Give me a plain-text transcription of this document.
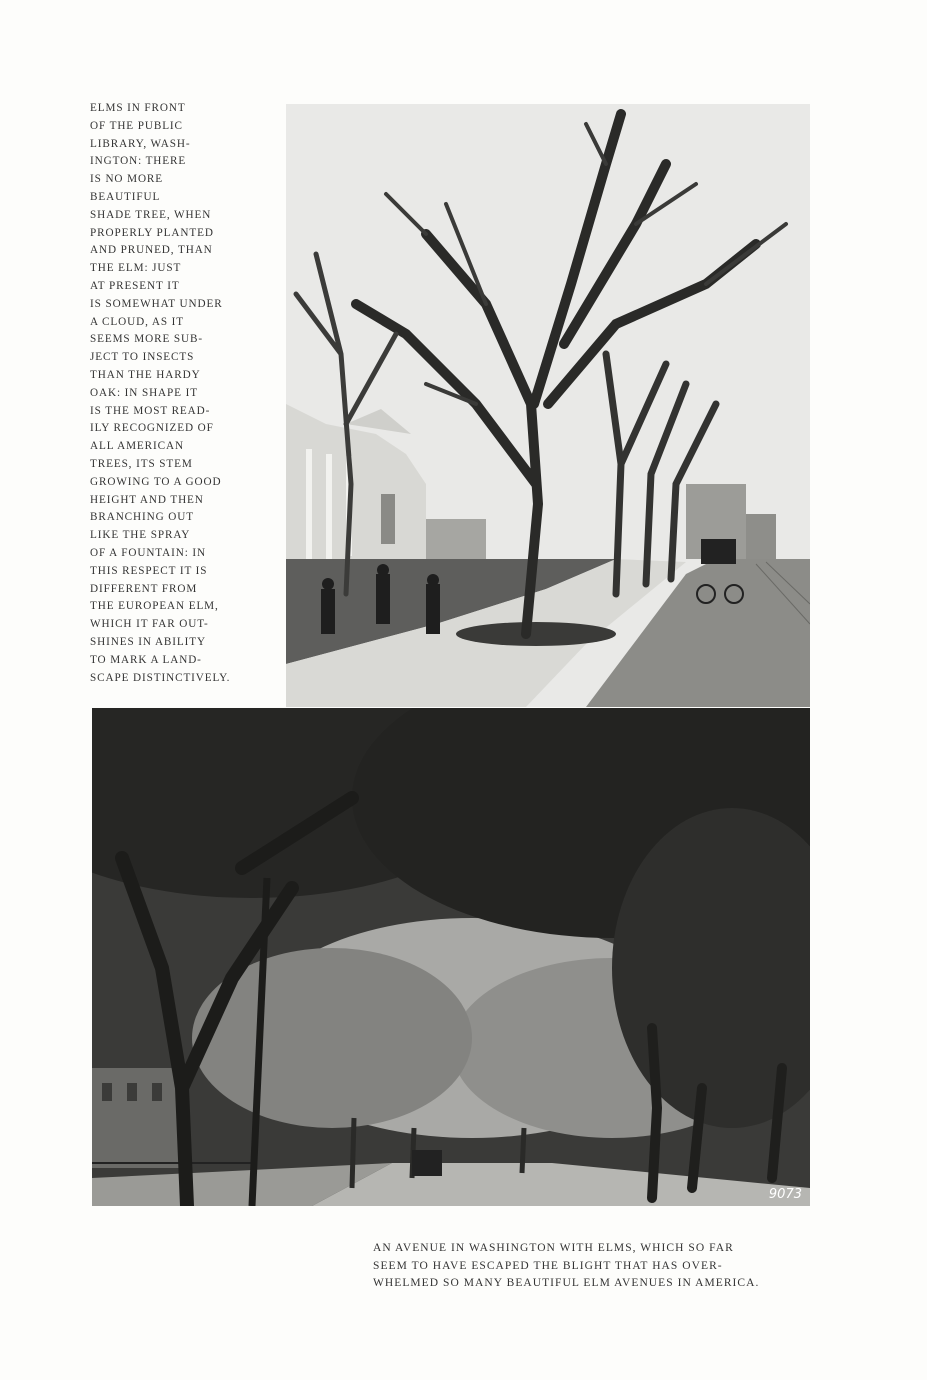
ELMS IN FRONT
OF THE PUBLIC
LIBRARY, WASH-
INGTON: THERE
IS NO MORE
BEAUTIFUL
SHADE TREE, WHEN
PROPERLY PLANTED
AND PRUNED, THAN
THE ELM: JUST
AT PRESENT IT
IS SOMEWHAT UNDER
A CLOUD, AS IT
SEEMS MORE SUB-
JECT TO INSECTS
THAN THE HARDY
OAK: IN SHAPE IT
IS THE MOST READ-
ILY RECOGNIZED OF
ALL AMERICAN
TREES, ITS STEM
GROWING TO A GOOD
HEIGHT AND THEN
BRANCHING OUT
LIKE THE SPRAY
OF A FOUNTAIN: IN
THIS RESPECT IT IS
DIFFERENT FROM
THE EUROPEAN ELM,
WHICH IT FAR OUT-
SHINES IN ABILITY
TO MARK A LAND-
SCAPE DISTINCTIVELY.
9073
AN AVENUE IN WASHINGTON WITH ELMS, WHICH SO FAR
SEEM TO HAVE ESCAPED THE BLIGHT THAT HAS OVER-
WHELMED SO MANY BEAUTIFUL ELM AVENUES IN AMERICA.
